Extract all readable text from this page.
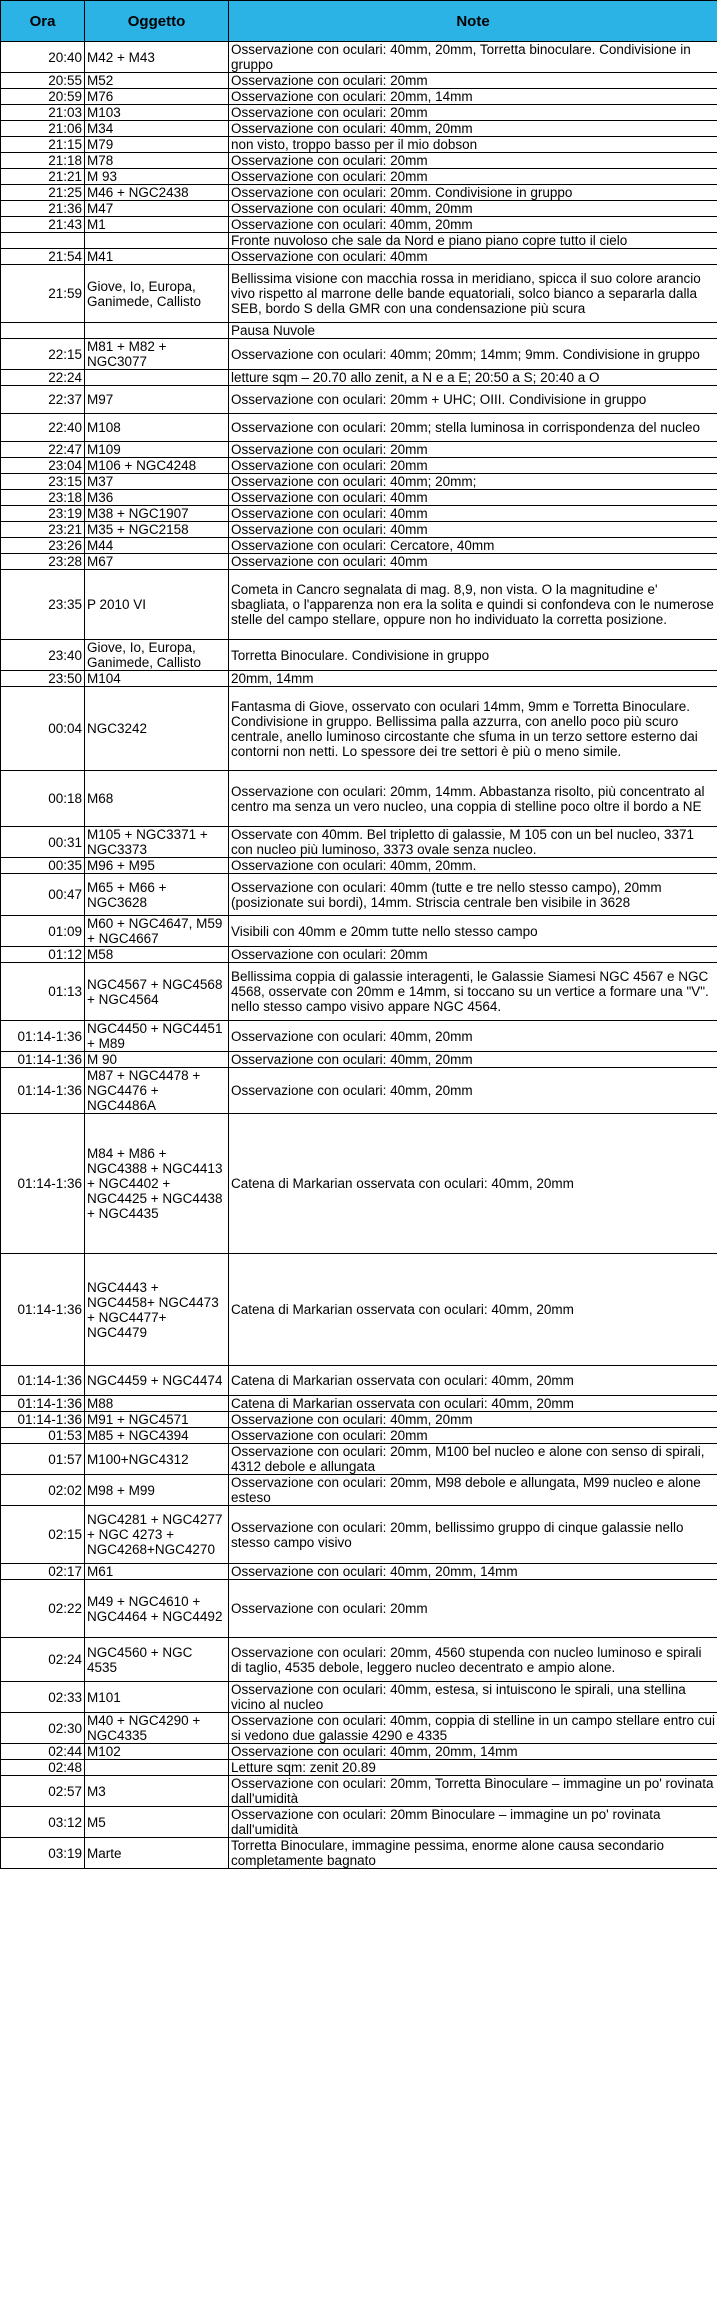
Ora	Oggetto	Note
20:40	M42 + M43	Osservazione con oculari: 40mm, 20mm, Torretta binoculare. Condivisione in gruppo
20:55	M52	Osservazione con oculari: 20mm
20:59	M76	Osservazione con oculari: 20mm, 14mm
21:03	M103	Osservazione con oculari: 20mm
21:06	M34	Osservazione con oculari: 40mm, 20mm
21:15	M79	non visto, troppo basso per il mio dobson
21:18	M78	Osservazione con oculari: 20mm
21:21	M 93	Osservazione con oculari: 20mm
21:25	M46 + NGC2438	Osservazione con oculari: 20mm. Condivisione in gruppo
21:36	M47	Osservazione con oculari: 40mm, 20mm
21:43	M1	Osservazione con oculari: 40mm, 20mm
		Fronte nuvoloso che sale da Nord e piano piano copre tutto il cielo
21:54	M41	Osservazione con oculari: 40mm
21:59	Giove, Io, Europa, Ganimede, Callisto	Bellissima visione con macchia rossa in meridiano, spicca il suo colore arancio vivo rispetto al marrone delle bande equatoriali, solco bianco a separarla dalla SEB, bordo S della GMR con una condensazione più scura
		Pausa Nuvole
22:15	M81 + M82 + NGC3077	Osservazione con oculari: 40mm; 20mm; 14mm; 9mm. Condivisione in gruppo
22:24		letture sqm – 20.70 allo zenit, a N e a E; 20:50 a S; 20:40 a O
22:37	M97	Osservazione con oculari: 20mm + UHC; OIII. Condivisione in gruppo
22:40	M108	Osservazione con oculari: 20mm; stella luminosa in corrispondenza del nucleo
22:47	M109	Osservazione con oculari: 20mm
23:04	M106 + NGC4248	Osservazione con oculari: 20mm
23:15	M37	Osservazione con oculari: 40mm; 20mm;
23:18	M36	Osservazione con oculari: 40mm
23:19	M38 + NGC1907	Osservazione con oculari: 40mm
23:21	M35 + NGC2158	Osservazione con oculari: 40mm
23:26	M44	Osservazione con oculari: Cercatore, 40mm
23:28	M67	Osservazione con oculari: 40mm
23:35	P 2010 VI	Cometa in Cancro segnalata di mag. 8,9, non vista. O la magnitudine e' sbagliata, o l'apparenza non era la solita e quindi si confondeva con le numerose stelle del campo stellare, oppure non ho individuato la corretta posizione.
23:40	Giove, Io, Europa, Ganimede, Callisto	Torretta Binoculare. Condivisione in gruppo
23:50	M104	20mm, 14mm
00:04	NGC3242	Fantasma di Giove, osservato con oculari 14mm, 9mm e Torretta Binoculare. Condivisione in gruppo. Bellissima palla azzurra, con anello poco più scuro centrale, anello luminoso circostante che sfuma in un terzo settore esterno dai contorni non netti. Lo spessore dei tre settori è più o meno simile.
00:18	M68	Osservazione con oculari: 20mm, 14mm. Abbastanza risolto, più concentrato al centro ma senza un vero nucleo, una coppia di stelline poco oltre il bordo a NE
00:31	M105 + NGC3371 + NGC3373	Osservate con 40mm. Bel tripletto di galassie, M 105 con un bel nucleo, 3371 con nucleo più luminoso, 3373 ovale senza nucleo.
00:35	M96 + M95	Osservazione con oculari: 40mm, 20mm.
00:47	M65 + M66 + NGC3628	Osservazione con oculari: 40mm (tutte e tre nello stesso campo), 20mm (posizionate sui bordi), 14mm. Striscia centrale ben visibile in 3628
01:09	M60 + NGC4647, M59 + NGC4667	Visibili con 40mm e 20mm tutte nello stesso campo
01:12	M58	Osservazione con oculari: 20mm
01:13	NGC4567 + NGC4568 + NGC4564	Bellissima coppia di galassie interagenti, le Galassie Siamesi NGC 4567 e NGC 4568, osservate con 20mm e 14mm, si toccano su un vertice a formare una "V". nello stesso campo visivo appare NGC 4564.
01:14-1:36	NGC4450 + NGC4451 + M89	Osservazione con oculari: 40mm, 20mm
01:14-1:36	M 90	Osservazione con oculari: 40mm, 20mm
01:14-1:36	M87 + NGC4478 + NGC4476 + NGC4486A	Osservazione con oculari: 40mm, 20mm
01:14-1:36	M84 + M86 + NGC4388 + NGC4413 + NGC4402 + NGC4425 + NGC4438 + NGC4435	Catena di Markarian osservata con oculari: 40mm, 20mm
01:14-1:36	NGC4443 + NGC4458+ NGC4473 + NGC4477+ NGC4479	Catena di Markarian osservata con oculari: 40mm, 20mm
01:14-1:36	NGC4459 + NGC4474	Catena di Markarian osservata con oculari: 40mm, 20mm
01:14-1:36	M88	Catena di Markarian osservata con oculari: 40mm, 20mm
01:14-1:36	M91 + NGC4571	Osservazione con oculari: 40mm, 20mm
01:53	M85 + NGC4394	Osservazione con oculari: 20mm
01:57	M100+NGC4312	Osservazione con oculari: 20mm, M100 bel nucleo e alone con senso di spirali, 4312 debole e allungata
02:02	M98 + M99	Osservazione con oculari: 20mm, M98 debole e allungata, M99 nucleo e alone esteso
02:15	NGC4281 + NGC4277 + NGC 4273 + NGC4268+NGC4270	Osservazione con oculari: 20mm, bellissimo gruppo di cinque galassie nello stesso campo visivo
02:17	M61	Osservazione con oculari: 40mm, 20mm, 14mm
02:22	M49 + NGC4610 + NGC4464 + NGC4492	Osservazione con oculari: 20mm
02:24	NGC4560 + NGC 4535	Osservazione con oculari: 20mm, 4560 stupenda con nucleo luminoso e spirali di taglio, 4535 debole, leggero nucleo decentrato e ampio alone.
02:33	M101	Osservazione con oculari: 40mm, estesa, si intuiscono le spirali, una stellina vicino al nucleo
02:30	M40 + NGC4290 + NGC4335	Osservazione con oculari: 40mm, coppia di stelline in un campo stellare entro cui si vedono due galassie 4290 e 4335
02:44	M102	Osservazione con oculari: 40mm, 20mm, 14mm
02:48		Letture sqm: zenit 20.89
02:57	M3	Osservazione con oculari: 20mm, Torretta Binoculare – immagine un po' rovinata dall'umidità
03:12	M5	Osservazione con oculari: 20mm Binoculare – immagine un po' rovinata dall'umidità
03:19	Marte	Torretta Binoculare, immagine pessima, enorme alone causa secondario completamente bagnato
